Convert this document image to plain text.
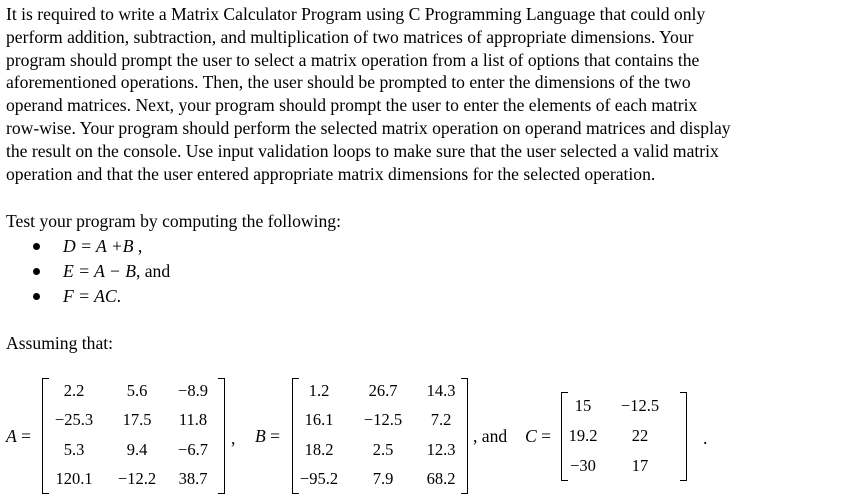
It is required to write a Matrix Calculator Program using C Programming Language that could only
perform addition, subtraction, and multiplication of two matrices of appropriate dimensions. Your
program should prompt the user to select a matrix operation from a list of options that contains the
aforementioned operations. Then, the user should be prompted to enter the dimensions of the two
operand matrices. Next, your program should prompt the user to enter the elements of each matrix
row-wise. Your program should perform the selected matrix operation on operand matrices and display
the result on the console. Use input validation loops to make sure that the user selected a valid matrix
operation and that the user entered appropriate matrix dimensions for the selected operation.

Test your program by computing the following:

D = A +B ,
E = A − B, and
F = AC.

Assuming that:

A =
2.2	5.6	−8.9
−25.3	17.5	11.8
5.3	9.4	−6.7
120.1	−12.2	38.7
, B =
1.2	26.7	14.3
16.1	−12.5	7.2
18.2	2.5	12.3
−95.2	7.9	68.2
, and C =
15	−12.5
19.2	22
−30	17
.
